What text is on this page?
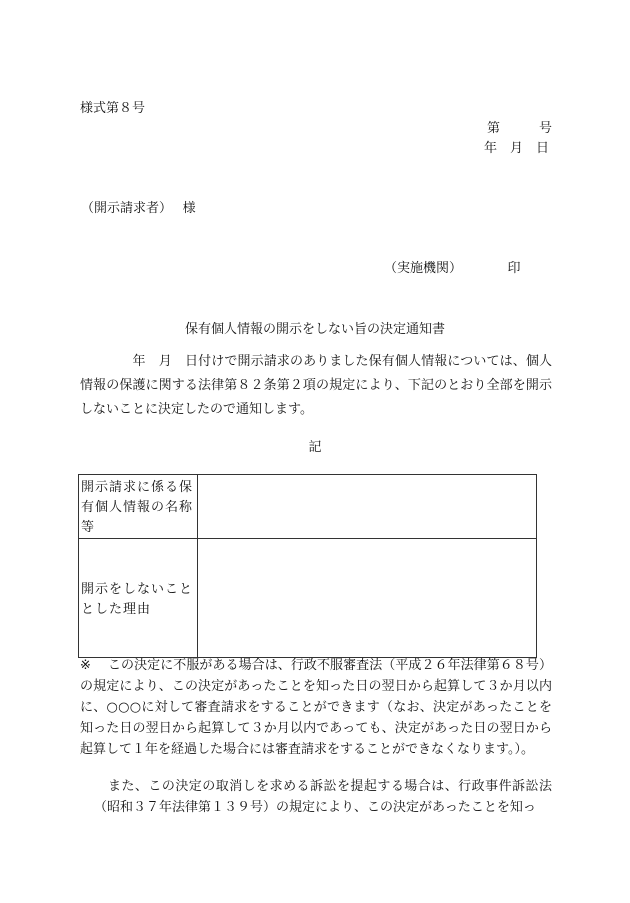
様式第８号
第　　　号
年　月　日
（開示請求者）　 様
（実施機関）　　　　印
保有個人情報の開示をしない旨の決定通知書
　　　　年　月　日付けで開示請求のありました保有個人情報については、個人情報の保護に関する法律第８２条第２項の規定により、下記のとおり全部を開示しないことに決定したので通知します。
記
開示請求に係る保有個人情報の名称等	
開示をしないこととした理由	
※	この決定に不服がある場合は、行政不服審査法（平成２６年法律第６８号）の規定により、この決定があったことを知った日の翌日から起算して３か月以内に、○○○に対して審査請求をすることができます（なお、決定があったことを知った日の翌日から起算して３か月以内であっても、決定があった日の翌日から起算して１年を経過した場合には審査請求をすることができなくなります。）。

また、この決定の取消しを求める訴訟を提起する場合は、行政事件訴訟法（昭和３７年法律第１３９号）の規定により、この決定があったことを知っ
